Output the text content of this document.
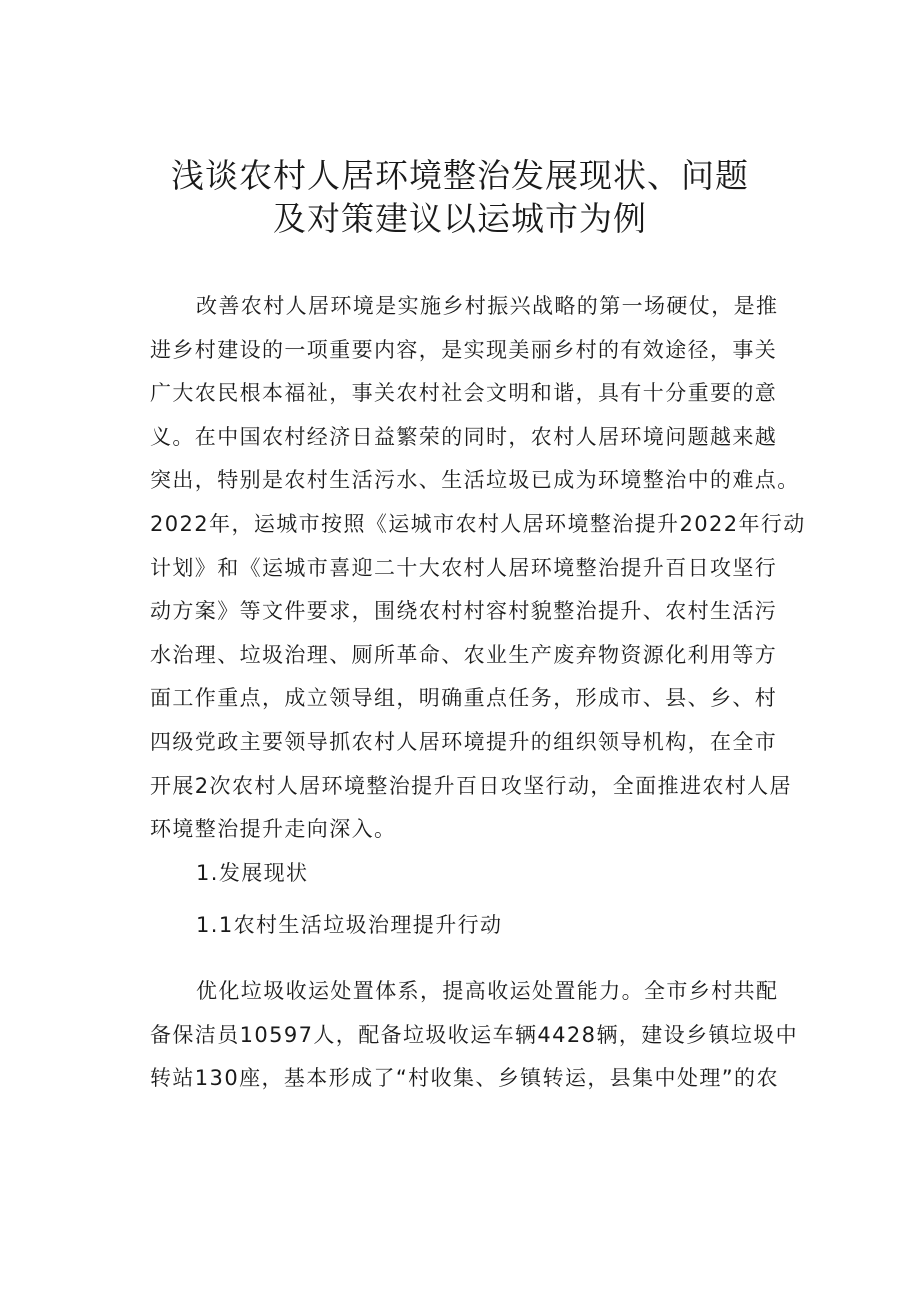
浅谈农村人居环境整治发展现状、问题
及对策建议以运城市为例
改善农村人居环境是实施乡村振兴战略的第一场硬仗，是推
进乡村建设的一项重要内容，是实现美丽乡村的有效途径，事关
广大农民根本福祉，事关农村社会文明和谐，具有十分重要的意
义。在中国农村经济日益繁荣的同时，农村人居环境问题越来越
突出，特别是农村生活污水、生活垃圾已成为环境整治中的难点。
2022年，运城市按照《运城市农村人居环境整治提升2022年行动
计划》和《运城市喜迎二十大农村人居环境整治提升百日攻坚行
动方案》等文件要求，围绕农村村容村貌整治提升、农村生活污
水治理、垃圾治理、厕所革命、农业生产废弃物资源化利用等方
面工作重点，成立领导组，明确重点任务，形成市、县、乡、村
四级党政主要领导抓农村人居环境提升的组织领导机构，在全市
开展2次农村人居环境整治提升百日攻坚行动，全面推进农村人居
环境整治提升走向深入。
1.发展现状
1.1农村生活垃圾治理提升行动
优化垃圾收运处置体系，提高收运处置能力。全市乡村共配
备保洁员10597人，配备垃圾收运车辆4428辆，建设乡镇垃圾中
转站130座，基本形成了“村收集、乡镇转运，县集中处理”的农
